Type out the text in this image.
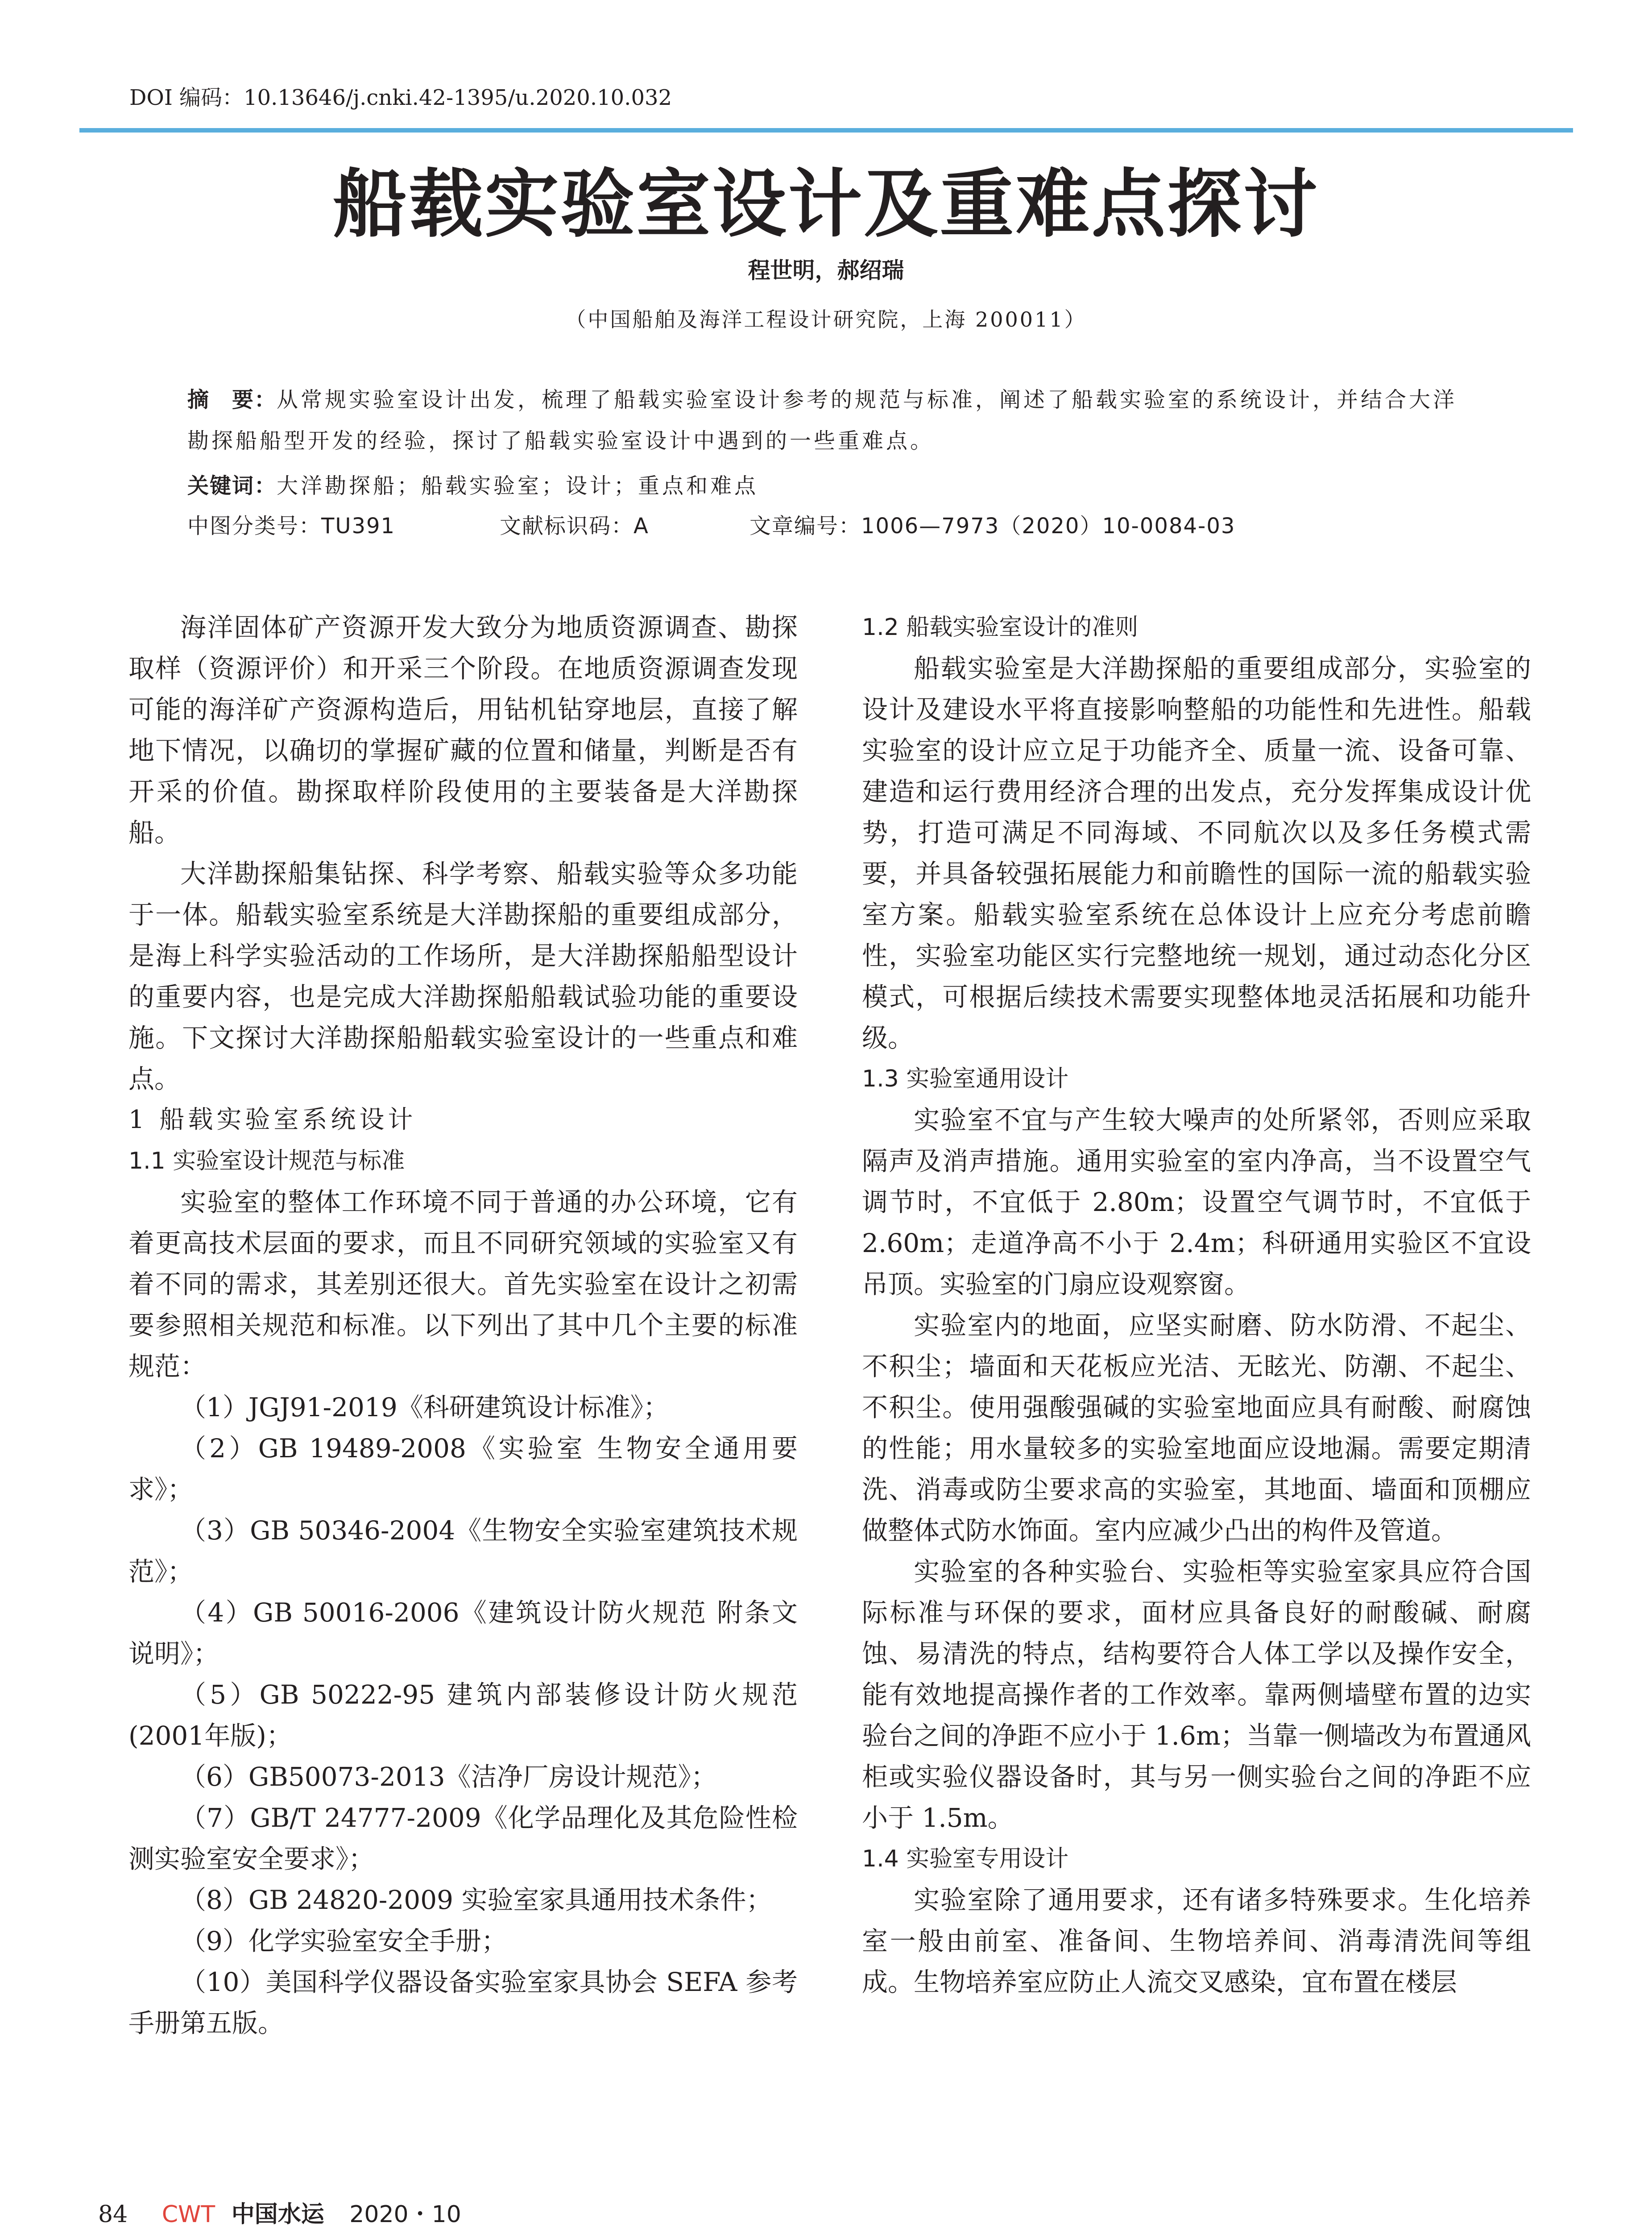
DOI 编码：10.13646/j.cnki.42-1395/u.2020.10.032
船载实验室设计及重难点探讨
程世明，郝绍瑞
（中国船舶及海洋工程设计研究院，上海 200011）
摘　要：从常规实验室设计出发，梳理了船载实验室设计参考的规范与标准，阐述了船载实验室的系统设计，并结合大洋勘探船船型开发的经验，探讨了船载实验室设计中遇到的一些重难点。
关键词：大洋勘探船；船载实验室；设计；重点和难点
中图分类号：TU391	文献标识码：A	文章编号：1006—7973（2020）10-0084-03

海洋固体矿产资源开发大致分为地质资源调查、勘探取样（资源评价）和开采三个阶段。在地质资源调查发现可能的海洋矿产资源构造后，用钻机钻穿地层，直接了解地下情况，以确切的掌握矿藏的位置和储量，判断是否有开采的价值。勘探取样阶段使用的主要装备是大洋勘探船。

大洋勘探船集钻探、科学考察、船载实验等众多功能于一体。船载实验室系统是大洋勘探船的重要组成部分，是海上科学实验活动的工作场所，是大洋勘探船船型设计的重要内容，也是完成大洋勘探船船载试验功能的重要设施。下文探讨大洋勘探船船载实验室设计的一些重点和难点。

1 船载实验室系统设计

1.1 实验室设计规范与标准

实验室的整体工作环境不同于普通的办公环境，它有着更高技术层面的要求，而且不同研究领域的实验室又有着不同的需求，其差别还很大。首先实验室在设计之初需要参照相关规范和标准。以下列出了其中几个主要的标准规范：

（1）JGJ91-2019《科研建筑设计标准》；

（2）GB 19489-2008《实验室 生物安全通用要求》；

（3）GB 50346-2004《生物安全实验室建筑技术规范》；

（4）GB 50016-2006《建筑设计防火规范 附条文说明》；

（5）GB 50222-95 建筑内部装修设计防火规范(2001年版)；

（6）GB50073-2013《洁净厂房设计规范》；

（7）GB/T 24777-2009《化学品理化及其危险性检测实验室安全要求》；

（8）GB 24820-2009 实验室家具通用技术条件；

（9）化学实验室安全手册；

（10）美国科学仪器设备实验室家具协会 SEFA 参考手册第五版。

1.2 船载实验室设计的准则

船载实验室是大洋勘探船的重要组成部分，实验室的设计及建设水平将直接影响整船的功能性和先进性。船载实验室的设计应立足于功能齐全、质量一流、设备可靠、建造和运行费用经济合理的出发点，充分发挥集成设计优势，打造可满足不同海域、不同航次以及多任务模式需要，并具备较强拓展能力和前瞻性的国际一流的船载实验室方案。船载实验室系统在总体设计上应充分考虑前瞻性，实验室功能区实行完整地统一规划，通过动态化分区模式，可根据后续技术需要实现整体地灵活拓展和功能升级。

1.3 实验室通用设计

实验室不宜与产生较大噪声的处所紧邻，否则应采取隔声及消声措施。通用实验室的室内净高，当不设置空气调节时，不宜低于 2.80m；设置空气调节时，不宜低于 2.60m；走道净高不小于 2.4m；科研通用实验区不宜设吊顶。实验室的门扇应设观察窗。

实验室内的地面，应坚实耐磨、防水防滑、不起尘、不积尘；墙面和天花板应光洁、无眩光、防潮、不起尘、不积尘。使用强酸强碱的实验室地面应具有耐酸、耐腐蚀的性能；用水量较多的实验室地面应设地漏。需要定期清洗、消毒或防尘要求高的实验室，其地面、墙面和顶棚应做整体式防水饰面。室内应减少凸出的构件及管道。

实验室的各种实验台、实验柜等实验室家具应符合国际标准与环保的要求，面材应具备良好的耐酸碱、耐腐蚀、易清洗的特点，结构要符合人体工学以及操作安全，能有效地提高操作者的工作效率。靠两侧墙壁布置的边实验台之间的净距不应小于 1.6m；当靠一侧墙改为布置通风柜或实验仪器设备时，其与另一侧实验台之间的净距不应小于 1.5m。

1.4 实验室专用设计

实验室除了通用要求，还有诸多特殊要求。生化培养室一般由前室、准备间、生物培养间、消毒清洗间等组成。生物培养室应防止人流交叉感染，宜布置在楼层

84 CWT 中国水运 2020・10
